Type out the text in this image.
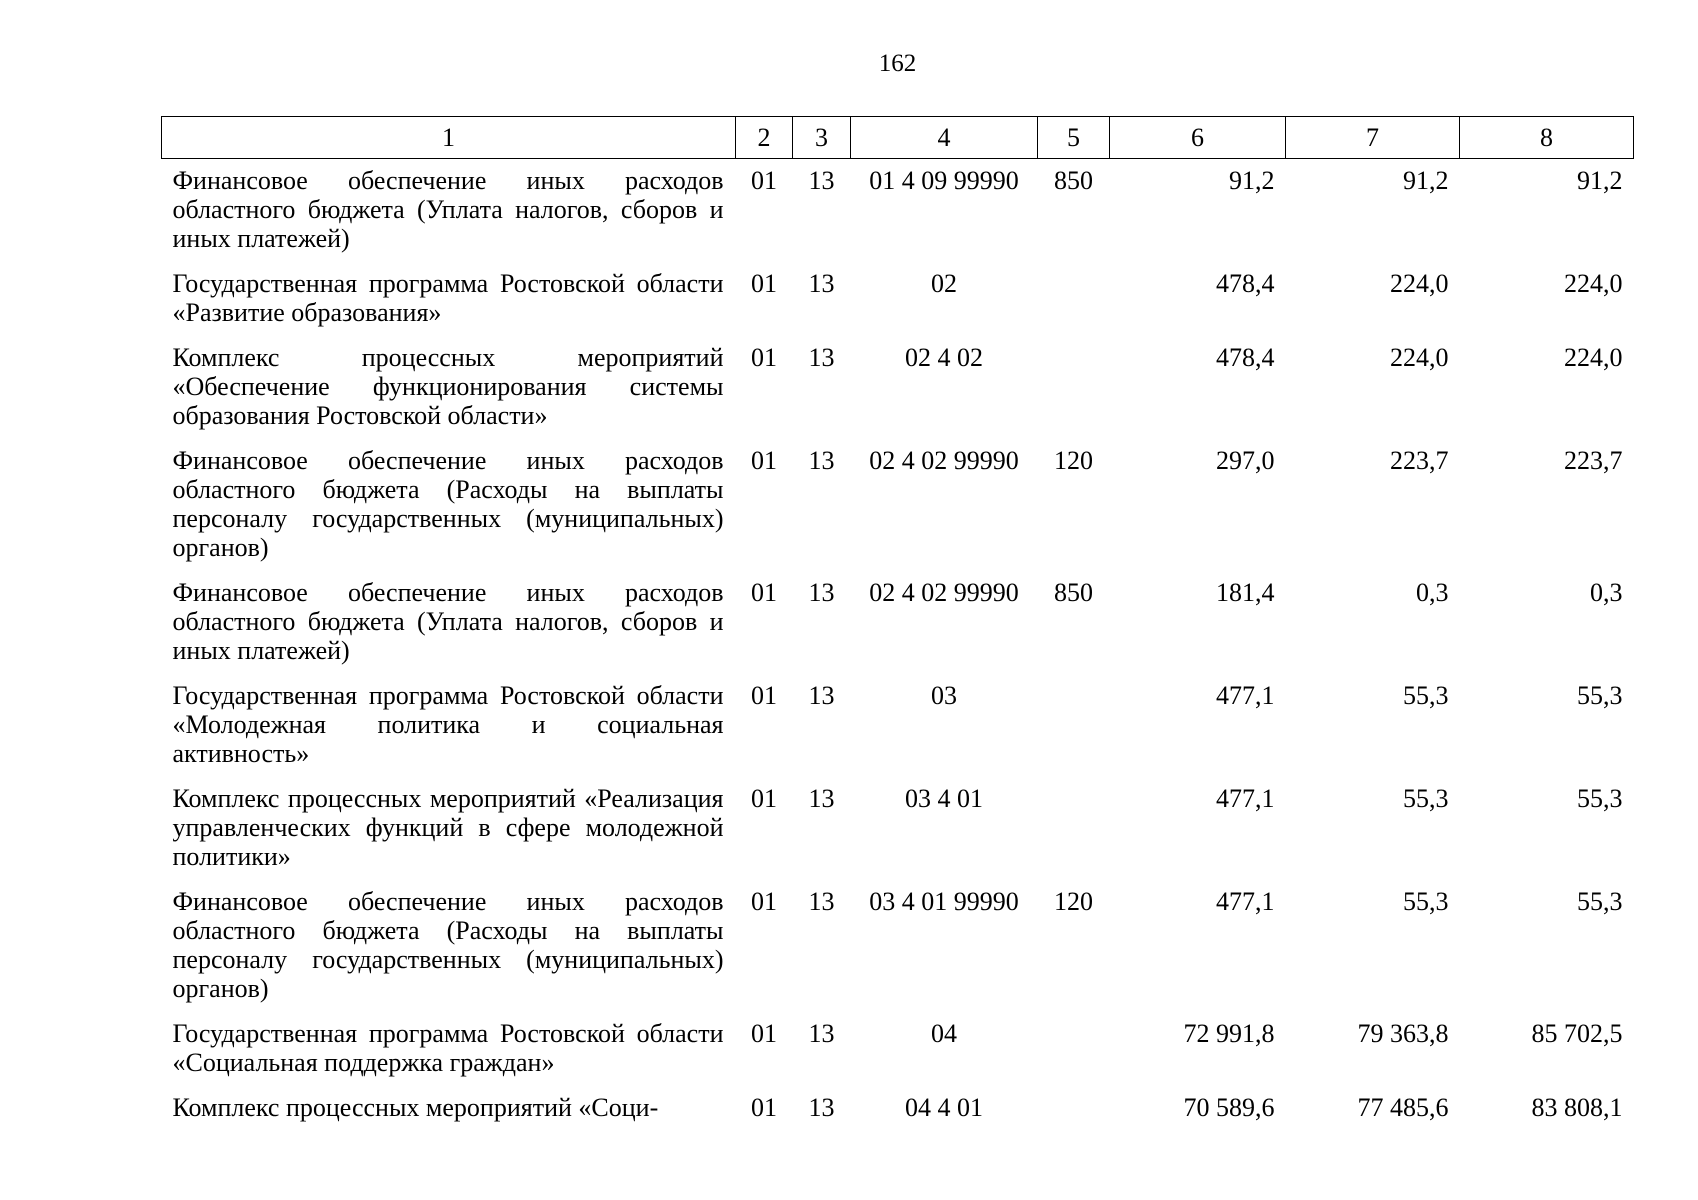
162
1	2	3	4	5	6	7	8
Финансовое обеспечение иных расходов областного бюджета (Уплата налогов, сборов и иных платежей)	01	13	01 4 09 99990	850	91,2	91,2	91,2
Государственная программа Ростовской области «Развитие образования»	01	13	02		478,4	224,0	224,0
Комплекс процессных мероприятий «Обеспечение функционирования системы образования Ростовской области»	01	13	02 4 02		478,4	224,0	224,0
Финансовое обеспечение иных расходов областного бюджета (Расходы на выплаты персоналу государственных (муниципальных) органов)	01	13	02 4 02 99990	120	297,0	223,7	223,7
Финансовое обеспечение иных расходов областного бюджета (Уплата налогов, сборов и иных платежей)	01	13	02 4 02 99990	850	181,4	0,3	0,3
Государственная программа Ростовской области «Молодежная политика и социальная активность»	01	13	03		477,1	55,3	55,3
Комплекс процессных мероприятий «Реализация управленческих функций в сфере молодежной политики»	01	13	03 4 01		477,1	55,3	55,3
Финансовое обеспечение иных расходов областного бюджета (Расходы на выплаты персоналу государственных (муниципальных) органов)	01	13	03 4 01 99990	120	477,1	55,3	55,3
Государственная программа Ростовской области «Социальная поддержка граждан»	01	13	04		72 991,8	79 363,8	85 702,5
Комплекс процессных мероприятий «Соци-	01	13	04 4 01		70 589,6	77 485,6	83 808,1
